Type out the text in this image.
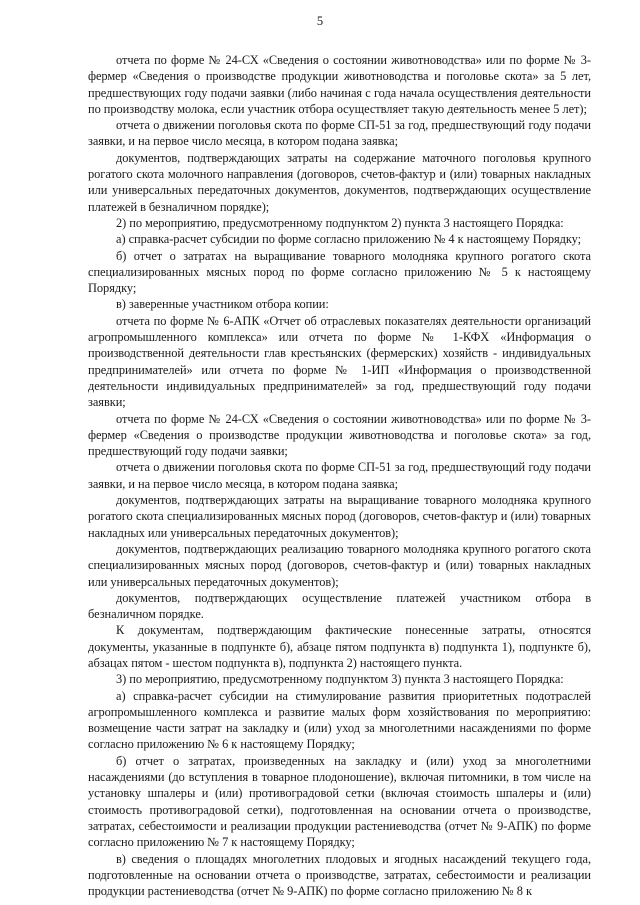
5

отчета по форме № 24-СХ «Сведения о состоянии животноводства» или по форме № 3-фермер «Сведения о производстве продукции животноводства и поголовье скота» за 5 лет, предшествующих году подачи заявки (либо начиная с года начала осуществления деятельности по производству молока, если участник отбора осуществляет такую деятельность менее 5 лет);

отчета о движении поголовья скота по форме СП-51 за год, предшествующий году подачи заявки, и на первое число месяца, в котором подана заявка;

документов, подтверждающих затраты на содержание маточного поголовья крупного рогатого скота молочного направления (договоров, счетов-фактур и (или) товарных накладных или универсальных передаточных документов, документов, подтверждающих осуществление платежей в безналичном порядке);

2) по мероприятию, предусмотренному подпунктом 2) пункта 3 настоящего Порядка:

а) справка-расчет субсидии по форме согласно приложению № 4 к настоящему Порядку;

б) отчет о затратах на выращивание товарного молодняка крупного рогатого скота специализированных мясных пород по форме согласно приложению № 5 к настоящему Порядку;

в) заверенные участником отбора копии:

отчета по форме № 6-АПК «Отчет об отраслевых показателях деятельности организаций агропромышленного комплекса» или отчета по форме № 1-КФХ «Информация о производственной деятельности глав крестьянских (фермерских) хозяйств - индивидуальных предпринимателей» или отчета по форме № 1-ИП «Информация о производственной деятельности индивидуальных предпринимателей» за год, предшествующий году подачи заявки;

отчета по форме № 24-СХ «Сведения о состоянии животноводства» или по форме № 3-фермер «Сведения о производстве продукции животноводства и поголовье скота» за год, предшествующий году подачи заявки;

отчета о движении поголовья скота по форме СП-51 за год, предшествующий году подачи заявки, и на первое число месяца, в котором подана заявка;

документов, подтверждающих затраты на выращивание товарного молодняка крупного рогатого скота специализированных мясных пород (договоров, счетов-фактур и (или) товарных накладных или универсальных передаточных документов);

документов, подтверждающих реализацию товарного молодняка крупного рогатого скота специализированных мясных пород (договоров, счетов-фактур и (или) товарных накладных или универсальных передаточных документов);

документов, подтверждающих осуществление платежей участником отбора в безналичном порядке.

К документам, подтверждающим фактические понесенные затраты, относятся документы, указанные в подпункте б), абзаце пятом подпункта в) подпункта 1), подпункте б), абзацах пятом - шестом подпункта в), подпункта 2) настоящего пункта.

3) по мероприятию, предусмотренному подпунктом 3) пункта 3 настоящего Порядка:

а) справка-расчет субсидии на стимулирование развития приоритетных подотраслей агропромышленного комплекса и развитие малых форм хозяйствования по мероприятию: возмещение части затрат на закладку и (или) уход за многолетними насаждениями по форме согласно приложению № 6 к настоящему Порядку;

б) отчет о затратах, произведенных на закладку и (или) уход за многолетними насаждениями (до вступления в товарное плодоношение), включая питомники, в том числе на установку шпалеры и (или) противоградовой сетки (включая стоимость шпалеры и (или) стоимость противоградовой сетки), подготовленная на основании отчета о производстве, затратах, себестоимости и реализации продукции растениеводства (отчет № 9-АПК) по форме согласно приложению № 7 к настоящему Порядку;

в) сведения о площадях многолетних плодовых и ягодных насаждений текущего года, подготовленные на основании отчета о производстве, затратах, себестоимости и реализации продукции растениеводства (отчет № 9-АПК) по форме согласно приложению № 8 к
